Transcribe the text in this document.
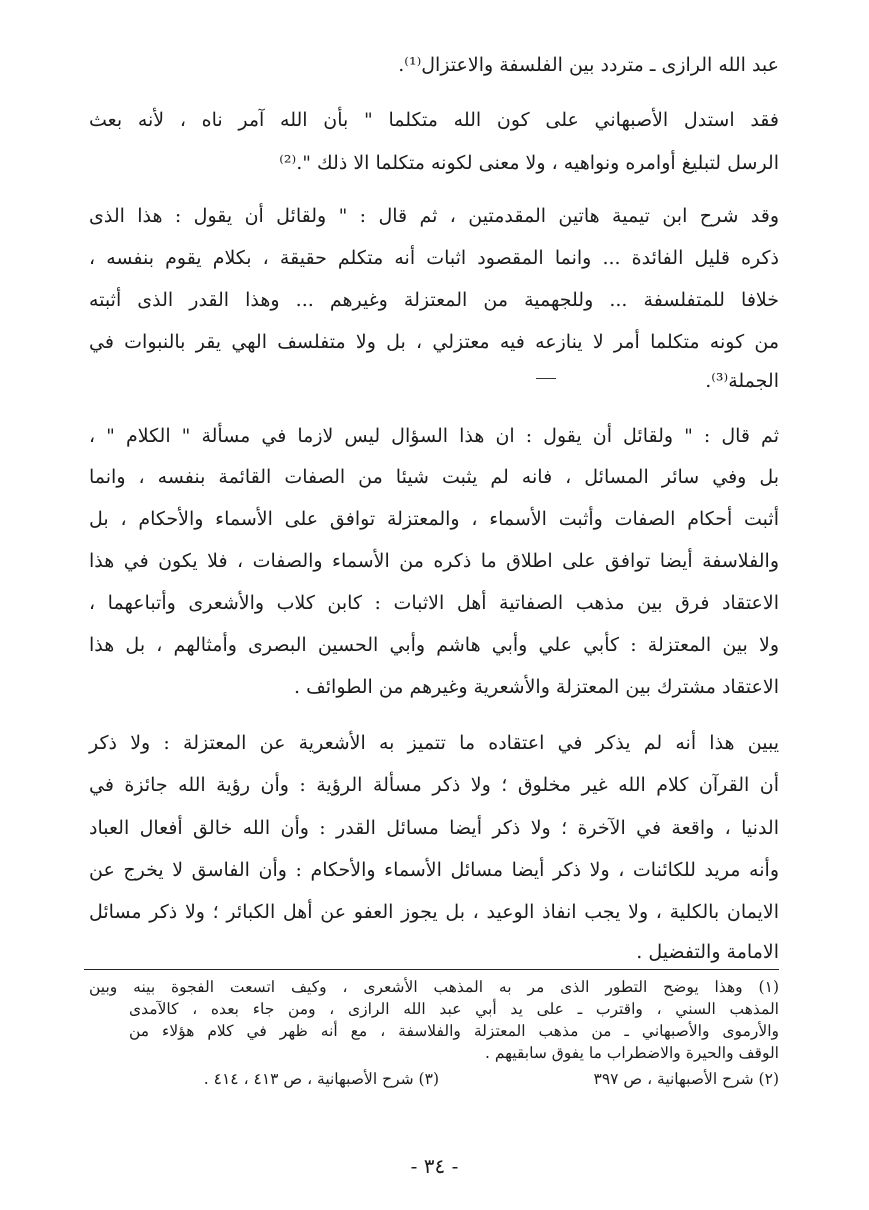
عبد الله الرازى ـ متردد بين الفلسفة والاعتزال⁽¹⁾.
فقد استدل الأصبهاني على كون الله متكلما " بأن الله آمر ناه ، لأنه بعث
الرسل لتبليغ أوامره ونواهيه ، ولا معنى لكونه متكلما الا ذلك ".⁽²⁾
وقد شرح ابن تيمية هاتين المقدمتين ، ثم قال : " ولقائل أن يقول : هذا الذى
ذكره قليل الفائدة ... وانما المقصود اثبات أنه متكلم حقيقة ، بكلام يقوم بنفسه ،
خلافا للمتفلسفة ... وللجهمية من المعتزلة وغيرهم ... وهذا القدر الذى أثبته
من كونه متكلما أمر لا ينازعه فيه معتزلي ، بل ولا متفلسف الهي يقر بالنبوات في
الجملة⁽³⁾.
ثم قال : " ولقائل أن يقول : ان هذا السؤال ليس لازما في مسألة " الكلام " ،
بل وفي سائر المسائل ، فانه لم يثبت شيئا من الصفات القائمة بنفسه ، وانما
أثبت أحكام الصفات وأثبت الأسماء ، والمعتزلة توافق على الأسماء والأحكام ، بل
والفلاسفة أيضا توافق على اطلاق ما ذكره من الأسماء والصفات ، فلا يكون في هذا
الاعتقاد فرق بين مذهب الصفاتية أهل الاثبات : كابن كلاب والأشعرى وأتباعهما ،
ولا بين المعتزلة : كأبي علي وأبي هاشم وأبي الحسين البصرى وأمثالهم ، بل هذا
الاعتقاد مشترك بين المعتزلة والأشعرية وغيرهم من الطوائف .
يبين هذا أنه لم يذكر في اعتقاده ما تتميز به الأشعرية عن المعتزلة : ولا ذكر
أن القرآن كلام الله غير مخلوق ؛ ولا ذكر مسألة الرؤية : وأن رؤية الله جائزة في
الدنيا ، واقعة في الآخرة ؛ ولا ذكر أيضا مسائل القدر : وأن الله خالق أفعال العباد
وأنه مريد للكائنات ، ولا ذكر أيضا مسائل الأسماء والأحكام : وأن الفاسق لا يخرج عن
الايمان بالكلية ، ولا يجب انفاذ الوعيد ، بل يجوز العفو عن أهل الكبائر ؛ ولا ذكر مسائل
الامامة والتفضيل .
(١) وهذا يوضح التطور الذى مر به المذهب الأشعرى ، وكيف اتسعت الفجوة بينه وبين
المذهب السني ، واقترب ـ على يد أبي عبد الله الرازى ، ومن جاء بعده ، كالآمدى
والأرموى والأصبهاني ـ من مذهب المعتزلة والفلاسفة ، مع أنه ظهر في كلام هؤلاء من
الوقف والحيرة والاضطراب ما يفوق سابقيهم .
(٢) شرح الأصبهانية ، ص ٣٩٧
(٣) شرح الأصبهانية ، ص ٤١٣ ، ٤١٤ .
- ٣٤ -
